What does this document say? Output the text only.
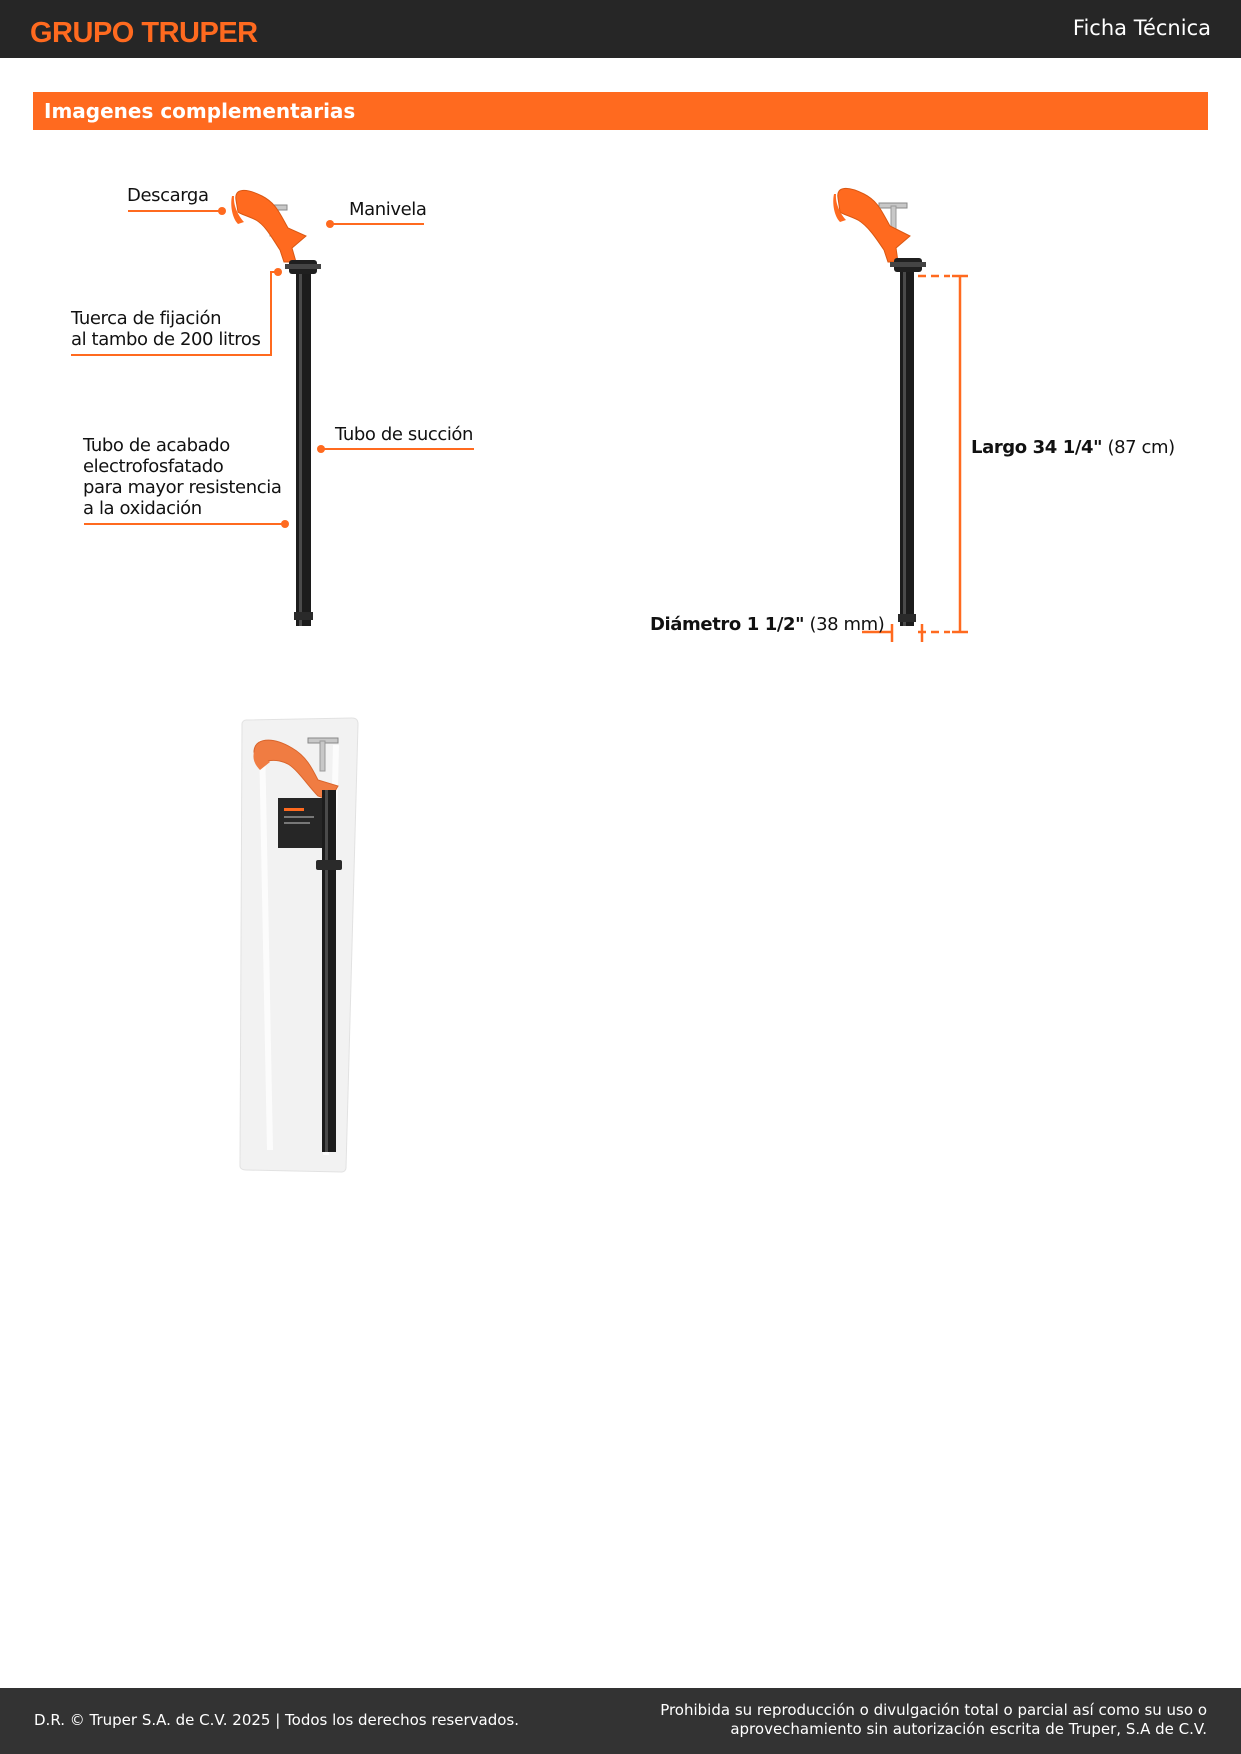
GRUPO TRUPER	Ficha Técnica
Imagenes complementarias
Descarga
Manivela
Tuerca de fijación
al tambo de 200 litros
Tubo de succión
Tubo de acabado
electrofosfatado
para mayor resistencia
a la oxidación
Largo 34 1/4" (87 cm)
Diámetro 1 1/2" (38 mm)
D.R. © Truper S.A. de C.V. 2025 | Todos los derechos reservados.
Prohibida su reproducción o divulgación total o parcial así como su uso o
aprovechamiento sin autorización escrita de Truper, S.A de C.V.
